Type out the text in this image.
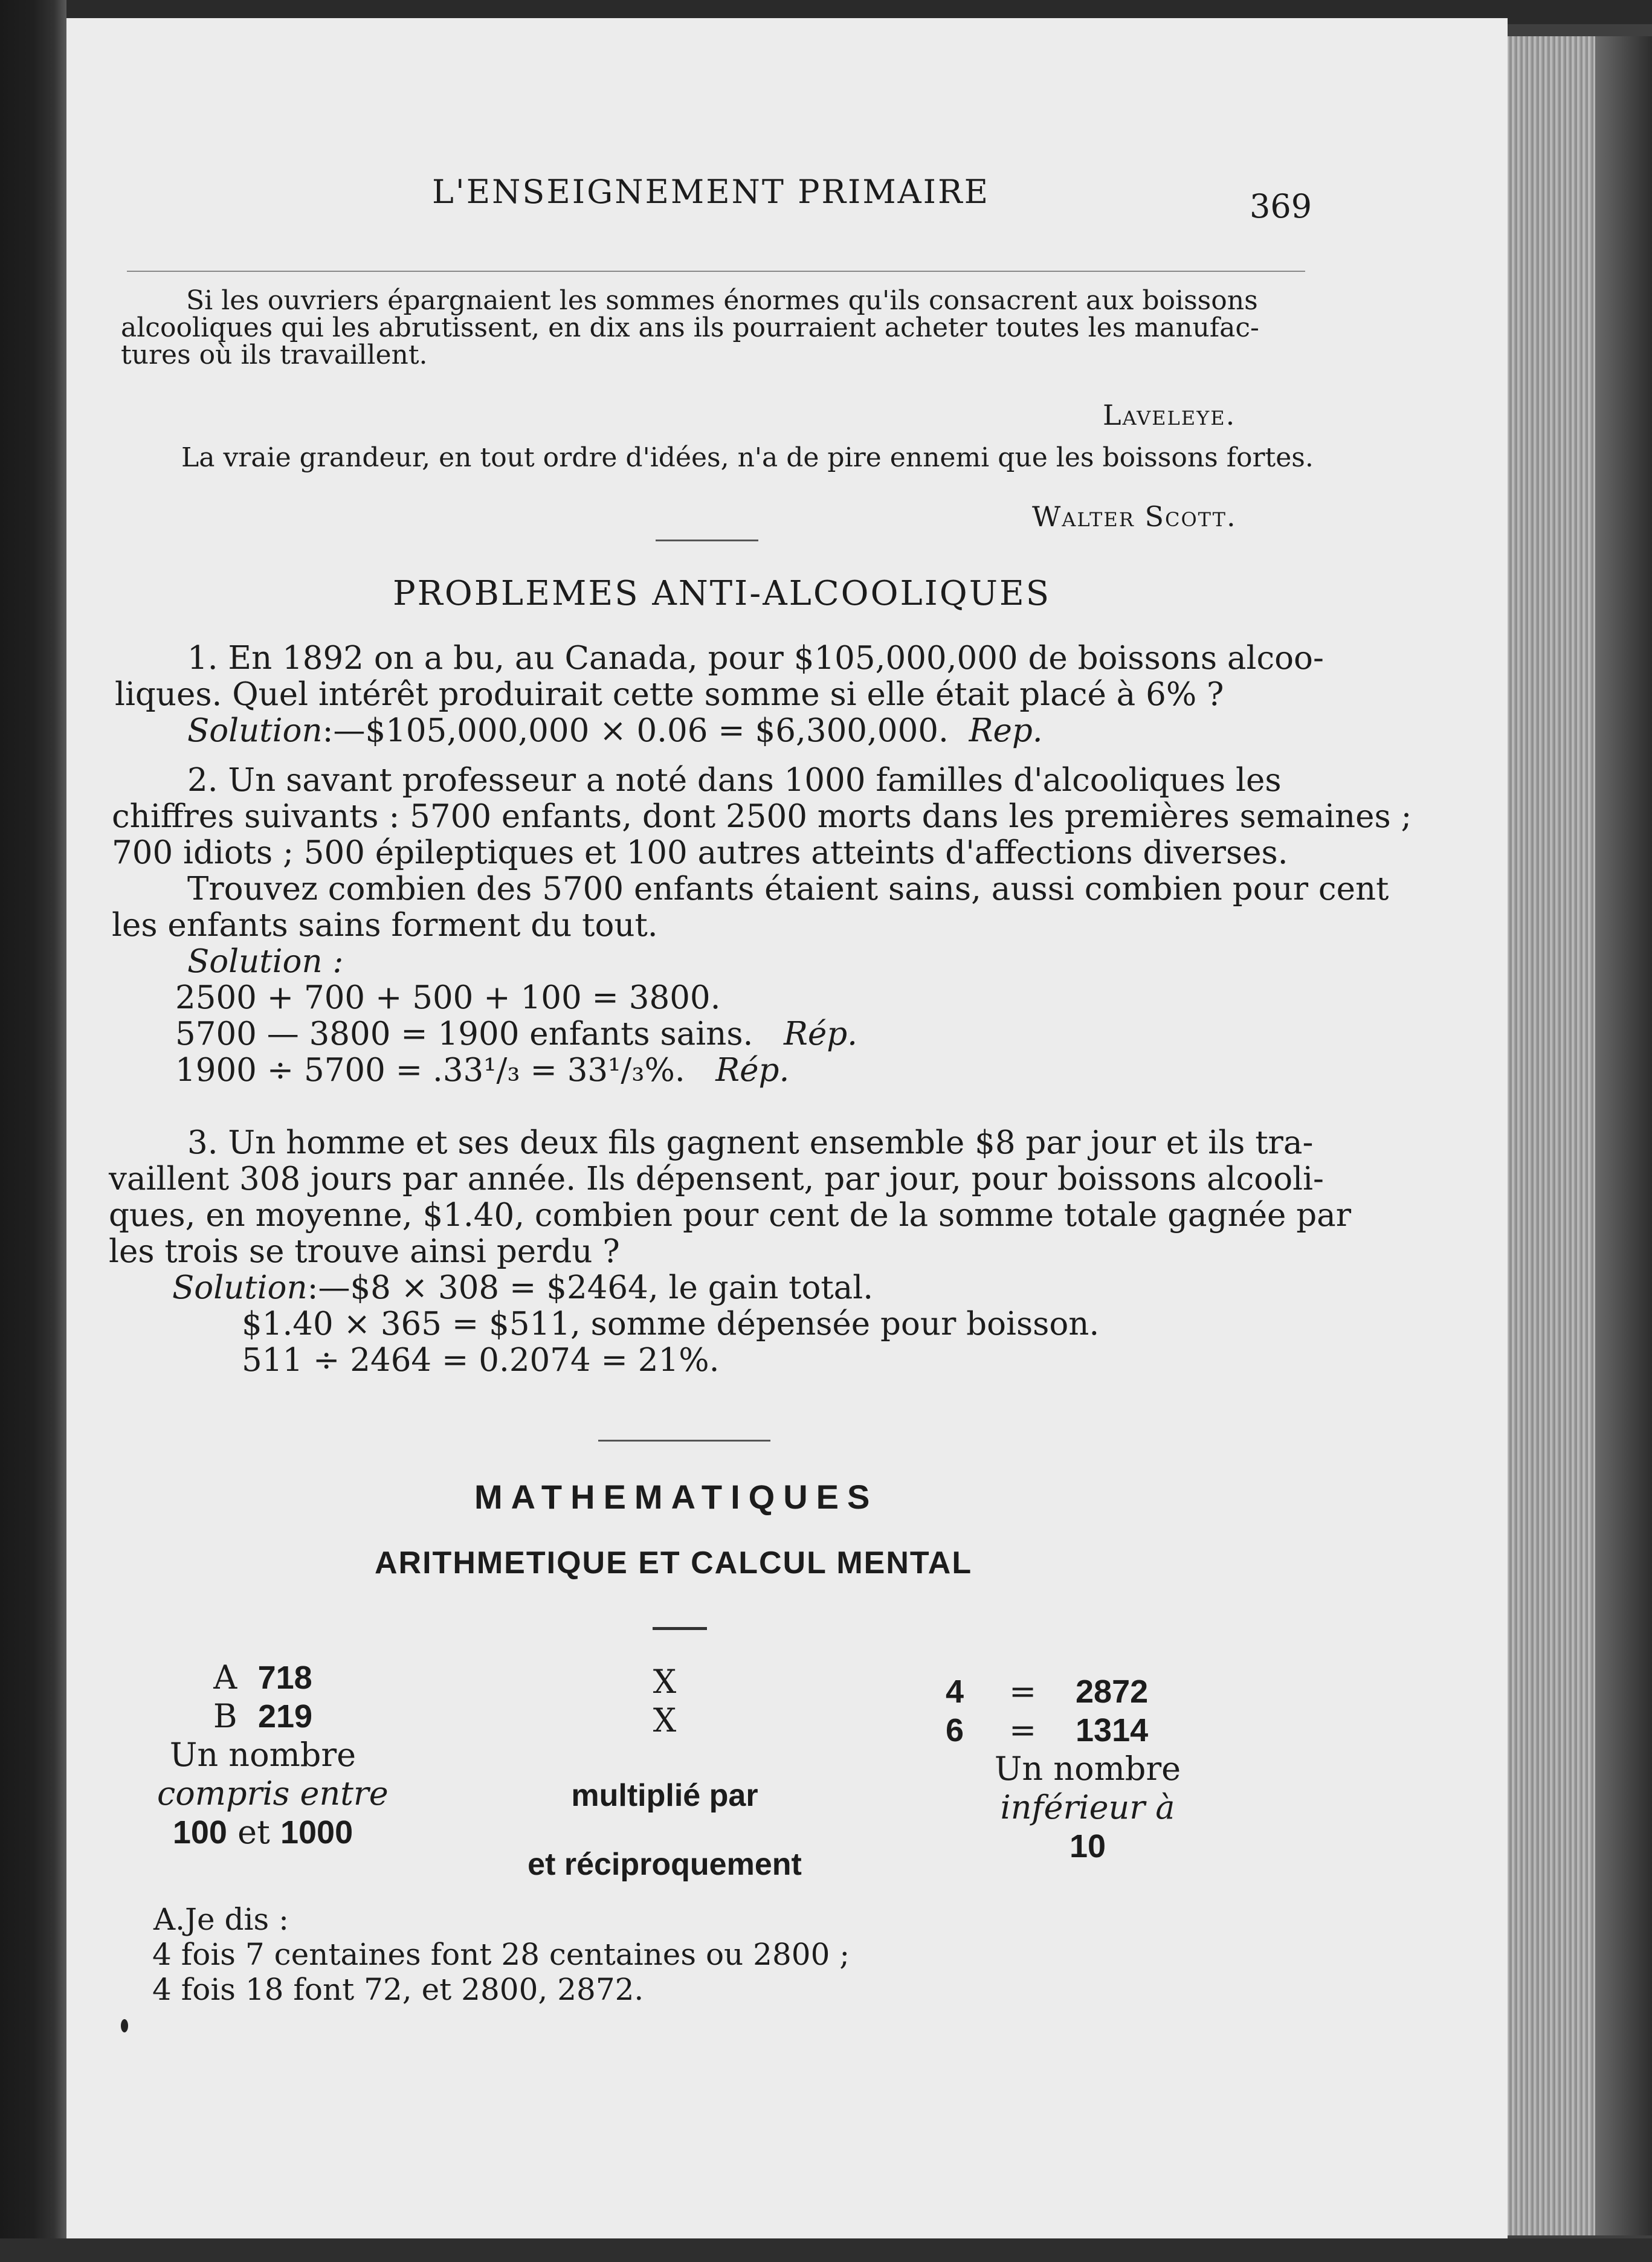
L'ENSEIGNEMENT PRIMAIRE	369
Si les ouvriers épargnaient les sommes énormes qu'ils consacrent aux boissons
alcooliques qui les abrutissent, en dix ans ils pourraient acheter toutes les manufac-
tures où ils travaillent.
Laveleye.
La vraie grandeur, en tout ordre d'idées, n'a de pire ennemi que les boissons fortes.
Walter Scott.
PROBLEMES ANTI-ALCOOLIQUES
1. En 1892 on a bu, au Canada, pour $105,000,000 de boissons alcoo-
liques. Quel intérêt produirait cette somme si elle était placé à 6% ?
Solution:—$105,000,000 × 0.06 = $6,300,000. Rep.
2. Un savant professeur a noté dans 1000 familles d'alcooliques les
chiffres suivants : 5700 enfants, dont 2500 morts dans les premières semaines ;
700 idiots ; 500 épileptiques et 100 autres atteints d'affections diverses.
Trouvez combien des 5700 enfants étaient sains, aussi combien pour cent
les enfants sains forment du tout.
Solution :
2500 + 700 + 500 + 100 = 3800.
5700 — 3800 = 1900 enfants sains. Rép.
1900 ÷ 5700 = .33¹/₃ = 33¹/₃%. Rép.
3. Un homme et ses deux fils gagnent ensemble $8 par jour et ils tra-
vaillent 308 jours par année. Ils dépensent, par jour, pour boissons alcooli-
ques, en moyenne, $1.40, combien pour cent de la somme totale gagnée par
les trois se trouve ainsi perdu ?
Solution:—$8 × 308 = $2464, le gain total.
$1.40 × 365 = $511, somme dépensée pour boisson.
511 ÷ 2464 = 0.2074 = 21%.
MATHEMATIQUES
ARITHMETIQUE ET CALCUL MENTAL
A 718
B 219
Un nombre
compris entre
100 et 1000
X
X
multiplié par
et réciproquement
4 = 2872
6 = 1314
Un nombre
inférieur à
10
A.Je dis :
4 fois 7 centaines font 28 centaines ou 2800 ;
4 fois 18 font 72, et 2800, 2872.
